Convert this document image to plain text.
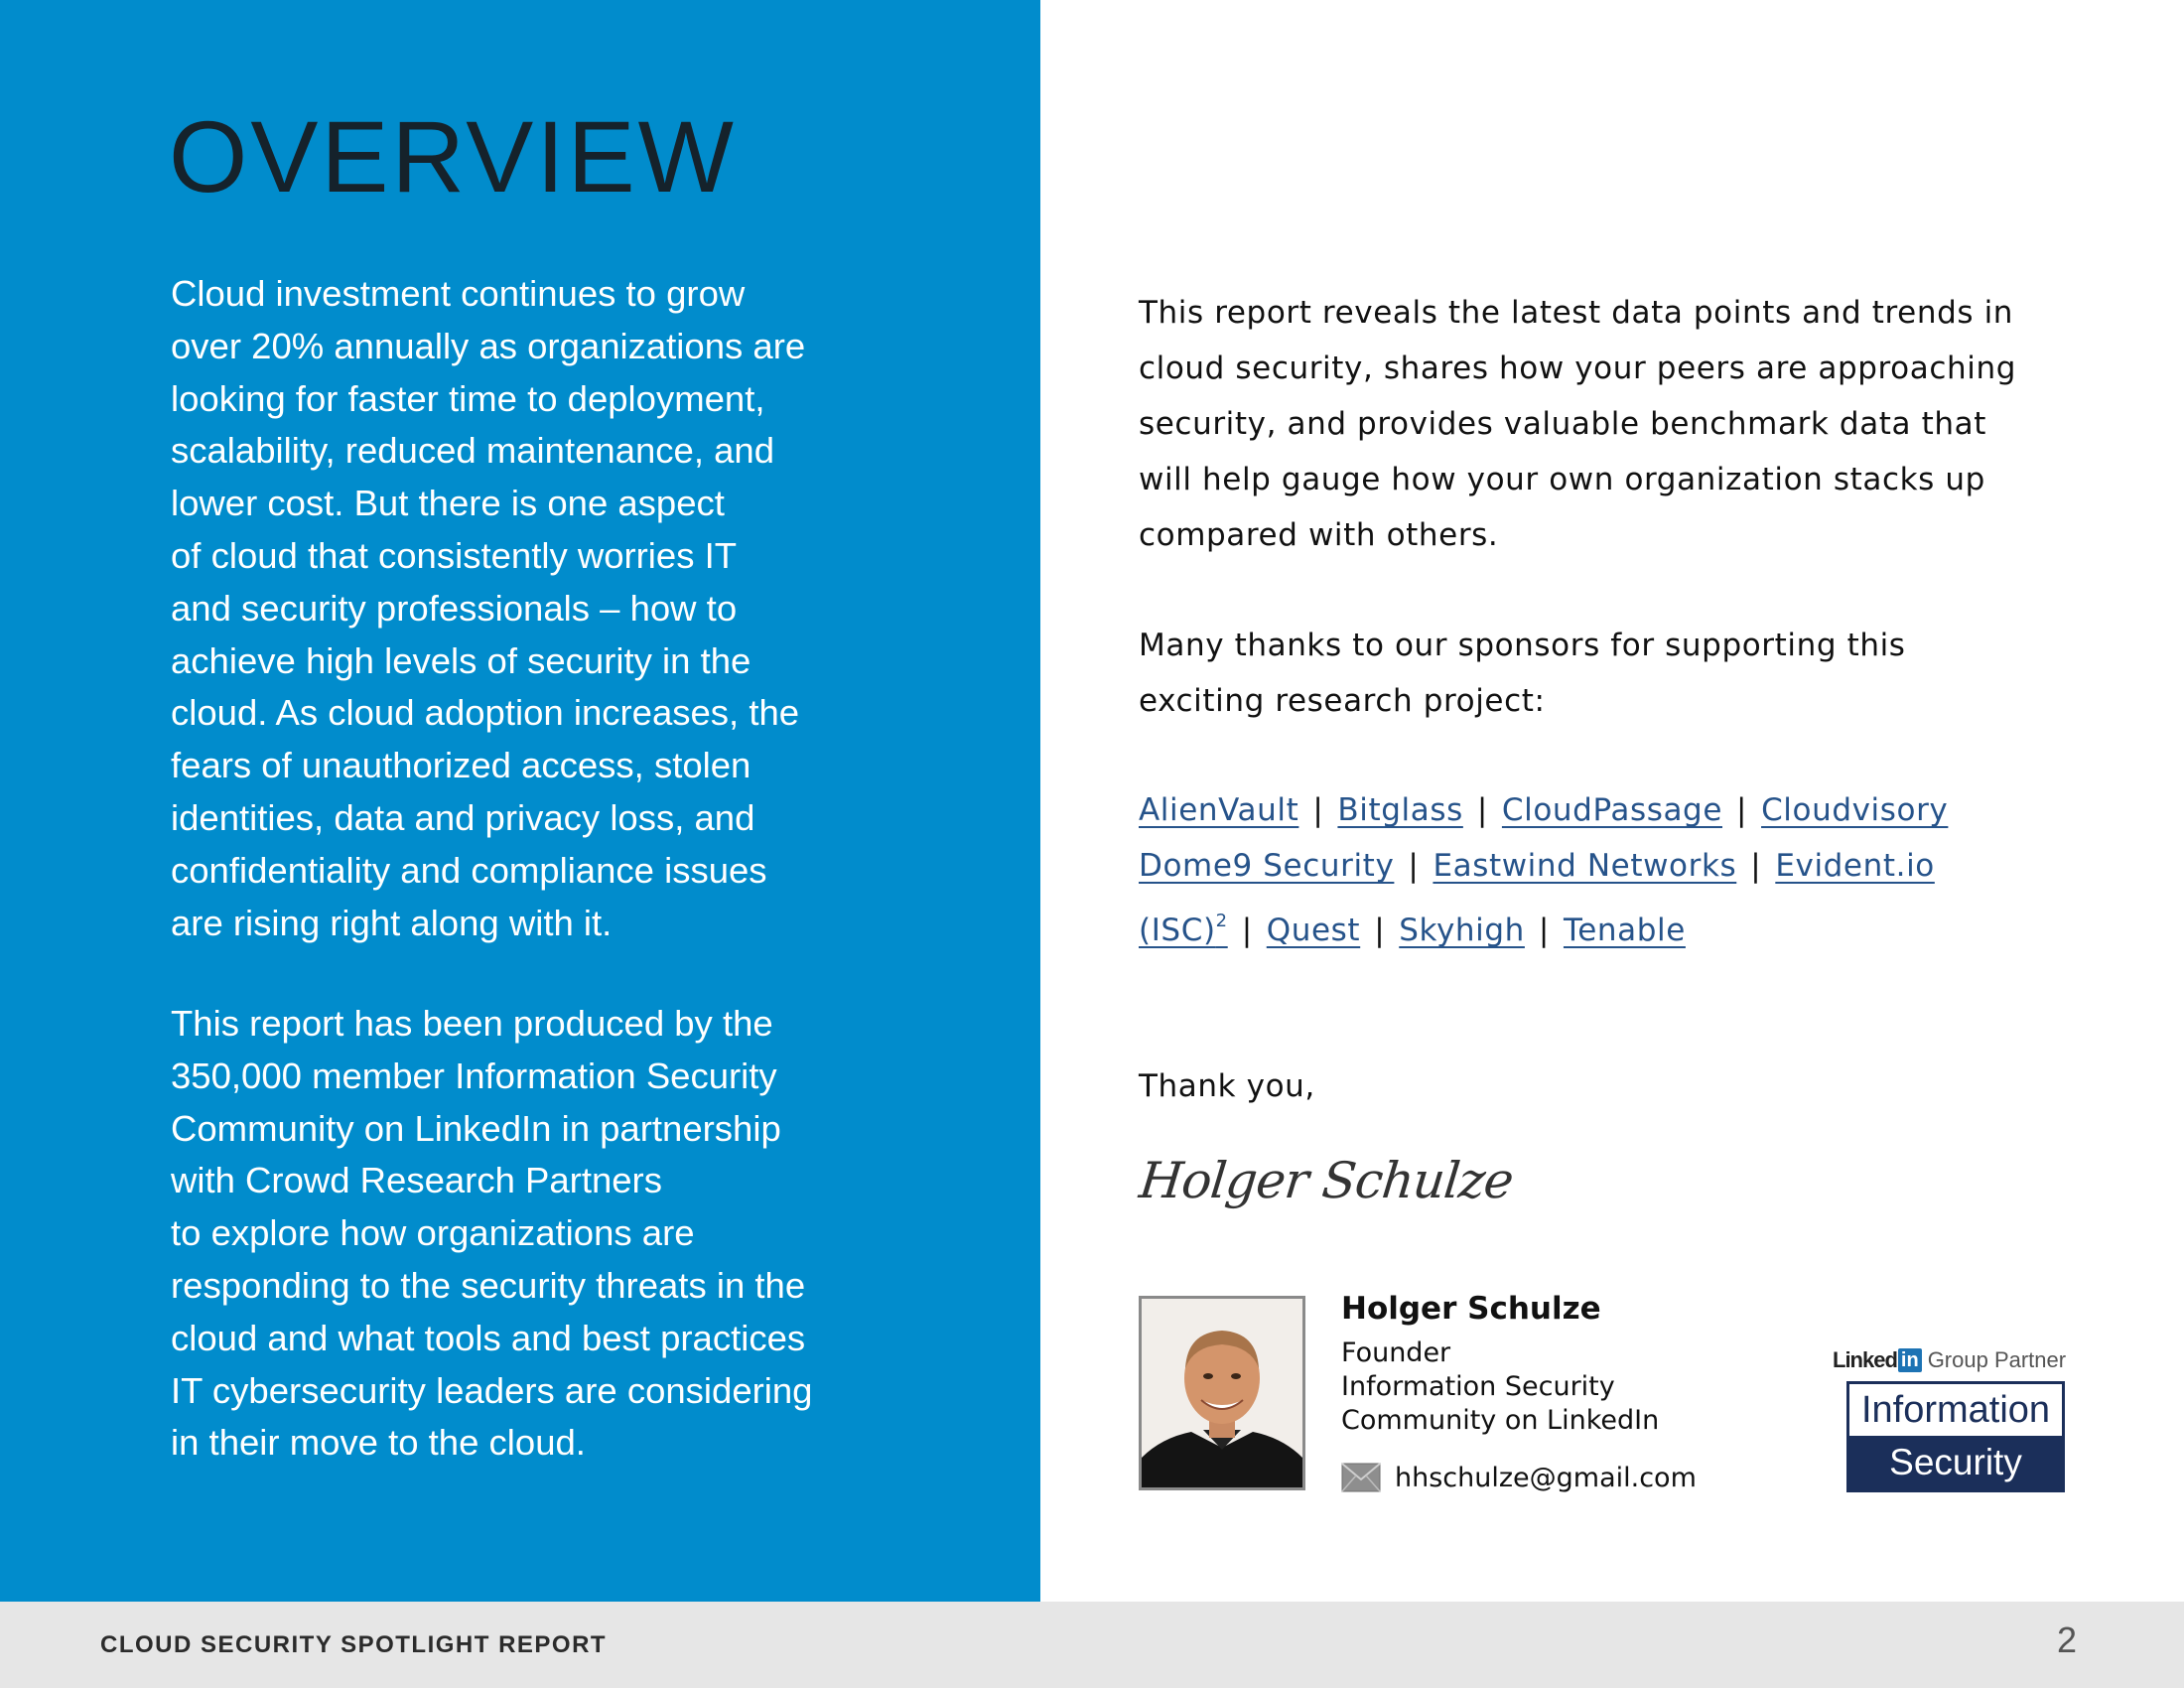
OVERVIEW

Cloud investment continues to grow
over 20% annually as organizations are
looking for faster time to deployment,
scalability, reduced maintenance, and
lower cost. But there is one aspect
of cloud that consistently worries IT
and security professionals – how to
achieve high levels of security in the
cloud. As cloud adoption increases, the
fears of unauthorized access, stolen
identities, data and privacy loss, and
confidentiality and compliance issues
are rising right along with it.

This report has been produced by the
350,000 member Information Security
Community on LinkedIn in partnership
with Crowd Research Partners
to explore how organizations are
responding to the security threats in the
cloud and what tools and best practices
IT cybersecurity leaders are considering
in their move to the cloud.

This report reveals the latest data points and trends in
cloud security, shares how your peers are approaching
security, and provides valuable benchmark data that
will help gauge how your own organization stacks up
compared with others.

Many thanks to our sponsors for supporting this
exciting research project:

AlienVault | Bitglass | CloudPassage | Cloudvisory
Dome9 Security | Eastwind Networks | Evident.io
(ISC)$^2$ | Quest | Skyhigh | Tenable

Thank you,

Holger Schulze

Holger Schulze

Founder
Information Security
Community on LinkedIn

hhschulze@gmail.com
Linked in Group Partner
Information
Security

CLOUD SECURITY SPOTLIGHT REPORT	2
